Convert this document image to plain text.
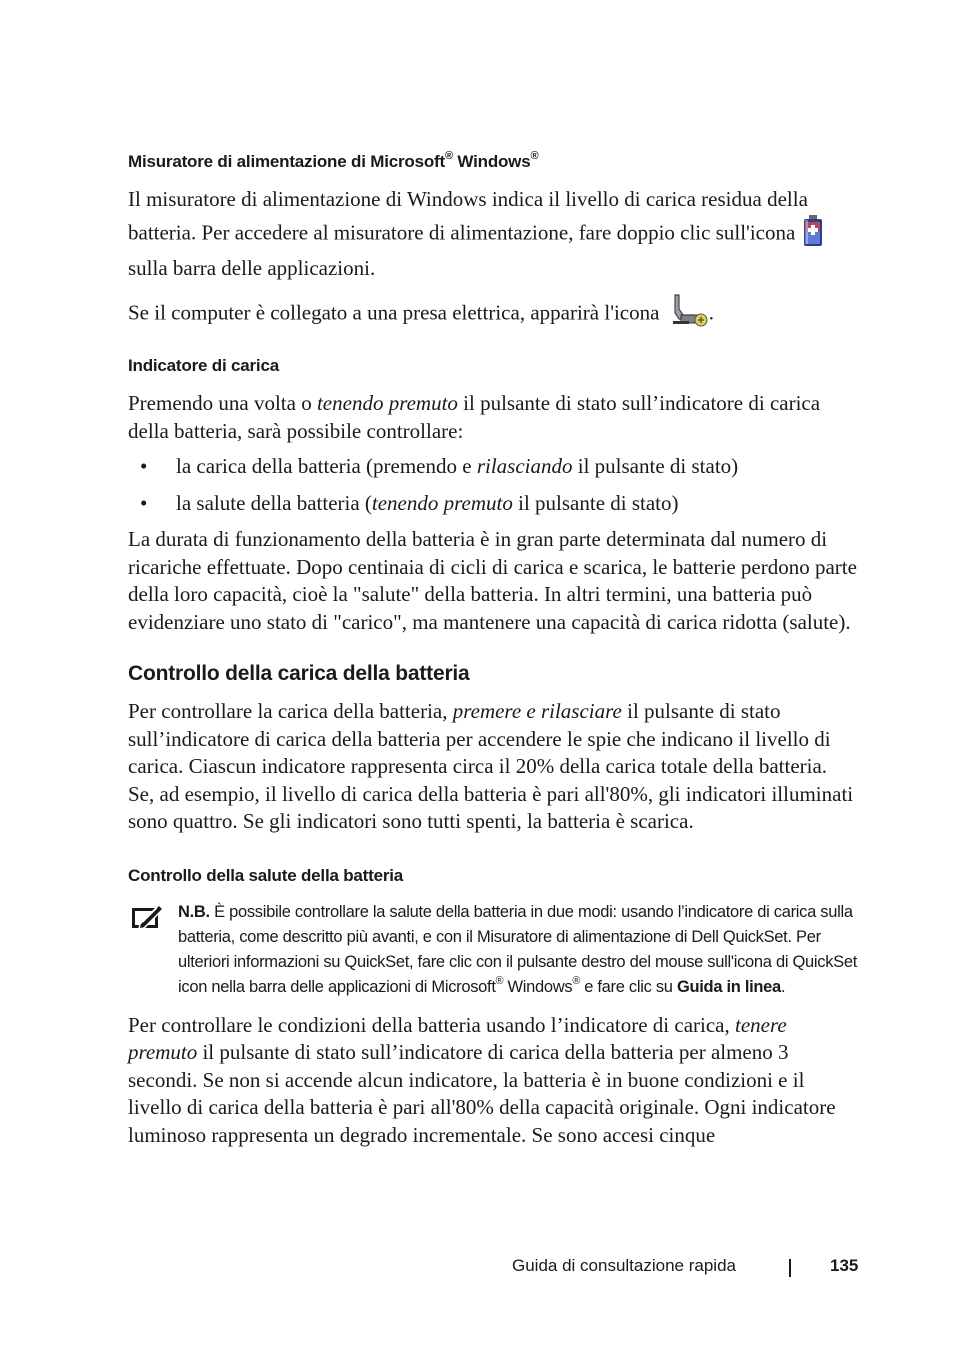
Misuratore di alimentazione di Microsoft® Windows®

Il misuratore di alimentazione di Windows indica il livello di carica residua della batteria. Per accedere al misuratore di alimentazione, fare doppio clic sull'icona  sulla barra delle applicazioni.

Se il computer è collegato a una presa elettrica, apparirà l'icona .

Indicatore di carica

Premendo una volta o tenendo premuto il pulsante di stato sull’indicatore di carica della batteria, sarà possibile controllare:

• la carica della batteria (premendo e rilasciando il pulsante di stato)
• la salute della batteria (tenendo premuto il pulsante di stato)

La durata di funzionamento della batteria è in gran parte determinata dal numero di ricariche effettuate. Dopo centinaia di cicli di carica e scarica, le batterie perdono parte della loro capacità, cioè la "salute" della batteria. In altri termini, una batteria può evidenziare uno stato di "carico", ma mantenere una capacità di carica ridotta (salute).

Controllo della carica della batteria

Per controllare la carica della batteria, premere e rilasciare il pulsante di stato sull’indicatore di carica della batteria per accendere le spie che indicano il livello di carica. Ciascun indicatore rappresenta circa il 20% della carica totale della batteria. Se, ad esempio, il livello di carica della batteria è pari all'80%, gli indicatori illuminati sono quattro. Se gli indicatori sono tutti spenti, la batteria è scarica.

Controllo della salute della batteria
N.B. È possibile controllare la salute della batteria in due modi: usando l’indicatore di carica sulla batteria, come descritto più avanti, e con il Misuratore di alimentazione di Dell QuickSet. Per ulteriori informazioni su QuickSet, fare clic con il pulsante destro del mouse sull'icona di QuickSet icon nella barra delle applicazioni di Microsoft® Windows® e fare clic su Guida in linea.

Per controllare le condizioni della batteria usando l’indicatore di carica, tenere premuto il pulsante di stato sull’indicatore di carica della batteria per almeno 3 secondi. Se non si accende alcun indicatore, la batteria è in buone condizioni e il livello di carica della batteria è pari all'80% della capacità originale. Ogni indicatore luminoso rappresenta un degrado incrementale. Se sono accesi cinque

Guida di consultazione rapida	135
